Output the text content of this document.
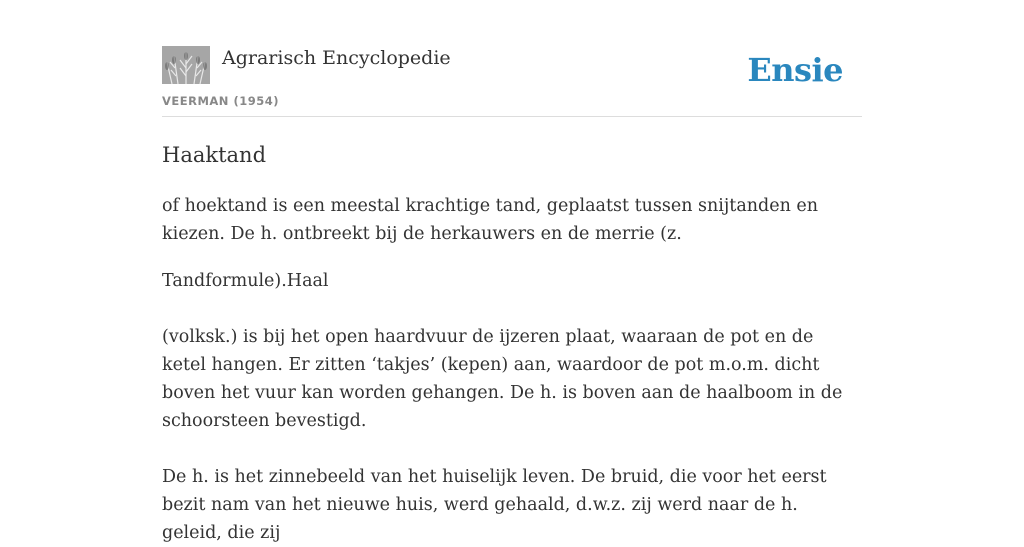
Agrarisch Encyclopedie
VEERMAN (1954)
Ensie
Haaktand

of hoektand is een meestal krachtige tand, geplaatst tussen snijtanden en kiezen. De h. ontbreekt bij de herkauwers en de merrie (z.

Tandformule).Haal

(volksk.) is bij het open haardvuur de ijzeren plaat, waaraan de pot en de ketel hangen. Er zitten ‘takjes’ (kepen) aan, waardoor de pot m.o.m. dicht boven het vuur kan worden gehangen. De h. is boven aan de haalboom in de schoorsteen bevestigd.

De h. is het zinnebeeld van het huiselijk leven. De bruid, die voor het eerst bezit nam van het nieuwe huis, werd gehaald, d.w.z. zij werd naar de h. geleid, die zij
